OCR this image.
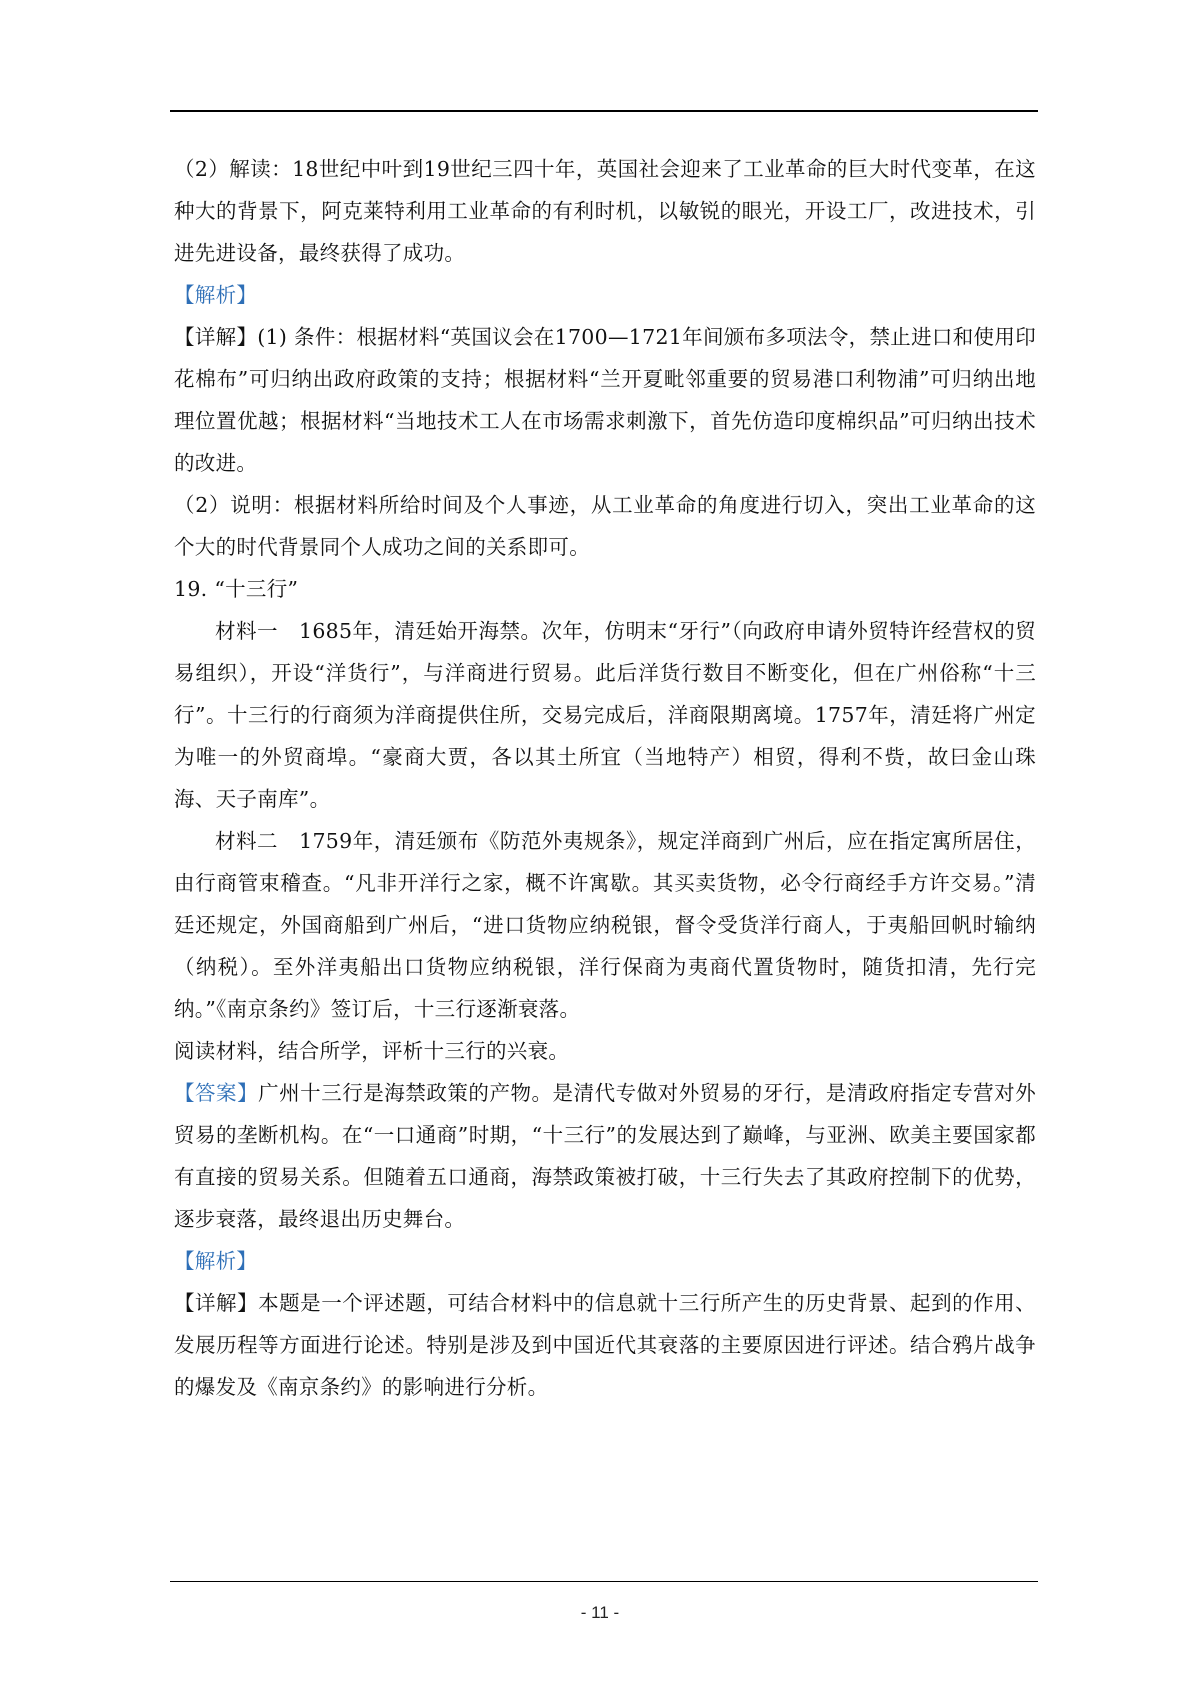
（2）解读：18世纪中叶到19世纪三四十年，英国社会迎来了工业革命的巨大时代变革，在这种大的背景下，阿克莱特利用工业革命的有利时机，以敏锐的眼光，开设工厂，改进技术，引进先进设备，最终获得了成功。

【解析】

【详解】(1) 条件：根据材料“英国议会在1700—1721年间颁布多项法令，禁止进口和使用印花棉布”可归纳出政府政策的支持；根据材料“兰开夏毗邻重要的贸易港口利物浦”可归纳出地理位置优越；根据材料“当地技术工人在市场需求刺激下，首先仿造印度棉织品”可归纳出技术的改进。

（2）说明：根据材料所给时间及个人事迹，从工业革命的角度进行切入，突出工业革命的这个大的时代背景同个人成功之间的关系即可。

19. “十三行”

材料一　1685年，清廷始开海禁。次年，仿明末“牙行”（向政府申请外贸特许经营权的贸易组织），开设“洋货行”，与洋商进行贸易。此后洋货行数目不断变化，但在广州俗称“十三行”。十三行的行商须为洋商提供住所，交易完成后，洋商限期离境。1757年，清廷将广州定为唯一的外贸商埠。“豪商大贾，各以其土所宜（当地特产）相贸，得利不赀，故曰金山珠海、天子南库”。

材料二　1759年，清廷颁布《防范外夷规条》，规定洋商到广州后，应在指定寓所居住，由行商管束稽查。“凡非开洋行之家，概不许寓歇。其买卖货物，必令行商经手方许交易。”清廷还规定，外国商船到广州后，“进口货物应纳税银，督令受货洋行商人，于夷船回帆时输纳（纳税）。至外洋夷船出口货物应纳税银，洋行保商为夷商代置货物时，随货扣清，先行完纳。”《南京条约》签订后，十三行逐渐衰落。

阅读材料，结合所学，评析十三行的兴衰。

【答案】广州十三行是海禁政策的产物。是清代专做对外贸易的牙行，是清政府指定专营对外贸易的垄断机构。在“一口通商”时期，“十三行”的发展达到了巅峰，与亚洲、欧美主要国家都有直接的贸易关系。但随着五口通商，海禁政策被打破，十三行失去了其政府控制下的优势，逐步衰落，最终退出历史舞台。

【解析】

【详解】本题是一个评述题，可结合材料中的信息就十三行所产生的历史背景、起到的作用、发展历程等方面进行论述。特别是涉及到中国近代其衰落的主要原因进行评述。结合鸦片战争的爆发及《南京条约》的影响进行分析。

- 11 -
